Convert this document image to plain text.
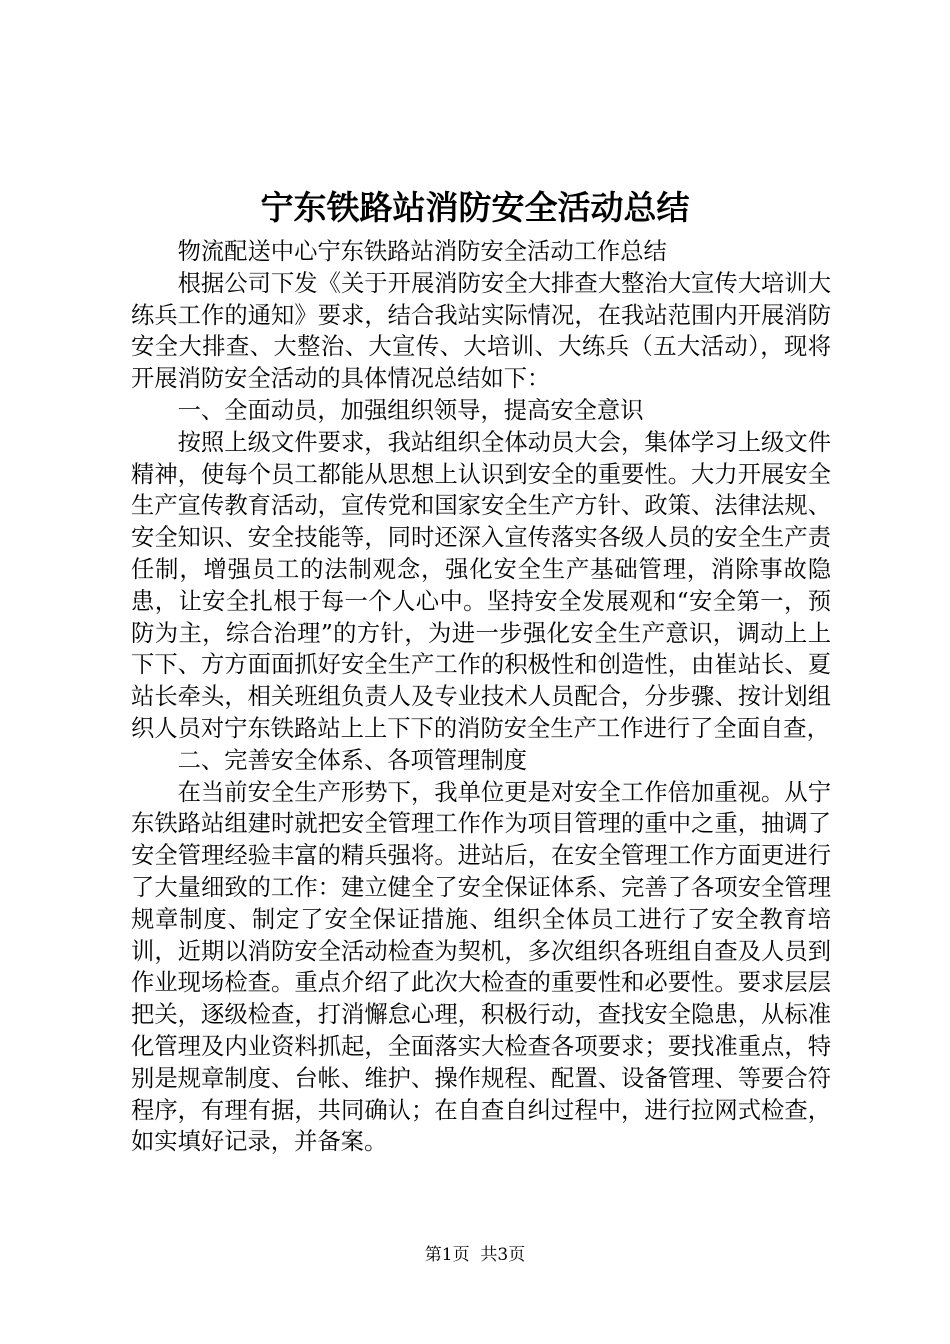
宁东铁路站消防安全活动总结

物流配送中心宁东铁路站消防安全活动工作总结

根据公司下发《关于开展消防安全大排查大整治大宣传大培训大练兵工作的通知》要求，结合我站实际情况，在我站范围内开展消防安全大排查、大整治、大宣传、大培训、大练兵（五大活动），现将开展消防安全活动的具体情况总结如下：

一、全面动员，加强组织领导，提高安全意识

按照上级文件要求，我站组织全体动员大会，集体学习上级文件精神，使每个员工都能从思想上认识到安全的重要性。大力开展安全生产宣传教育活动，宣传党和国家安全生产方针、政策、法律法规、安全知识、安全技能等，同时还深入宣传落实各级人员的安全生产责任制，增强员工的法制观念，强化安全生产基础管理，消除事故隐患，让安全扎根于每一个人心中。坚持安全发展观和“安全第一，预防为主，综合治理”的方针，为进一步强化安全生产意识，调动上上下下、方方面面抓好安全生产工作的积极性和创造性，由崔站长、夏站长牵头，相关班组负责人及专业技术人员配合，分步骤、按计划组织人员对宁东铁路站上上下下的消防安全生产工作进行了全面自查，

二、完善安全体系、各项管理制度

在当前安全生产形势下，我单位更是对安全工作倍加重视。从宁东铁路站组建时就把安全管理工作作为项目管理的重中之重，抽调了安全管理经验丰富的精兵强将。进站后，在安全管理工作方面更进行了大量细致的工作：建立健全了安全保证体系、完善了各项安全管理规章制度、制定了安全保证措施、组织全体员工进行了安全教育培训，近期以消防安全活动检查为契机，多次组织各班组自查及人员到作业现场检查。重点介绍了此次大检查的重要性和必要性。要求层层把关，逐级检查，打消懈怠心理，积极行动，查找安全隐患，从标准化管理及内业资料抓起，全面落实大检查各项要求；要找准重点，特别是规章制度、台帐、维护、操作规程、配置、设备管理、等要合符程序，有理有据，共同确认；在自查自纠过程中，进行拉网式检查，如实填好记录，并备案。

第1页  共3页
